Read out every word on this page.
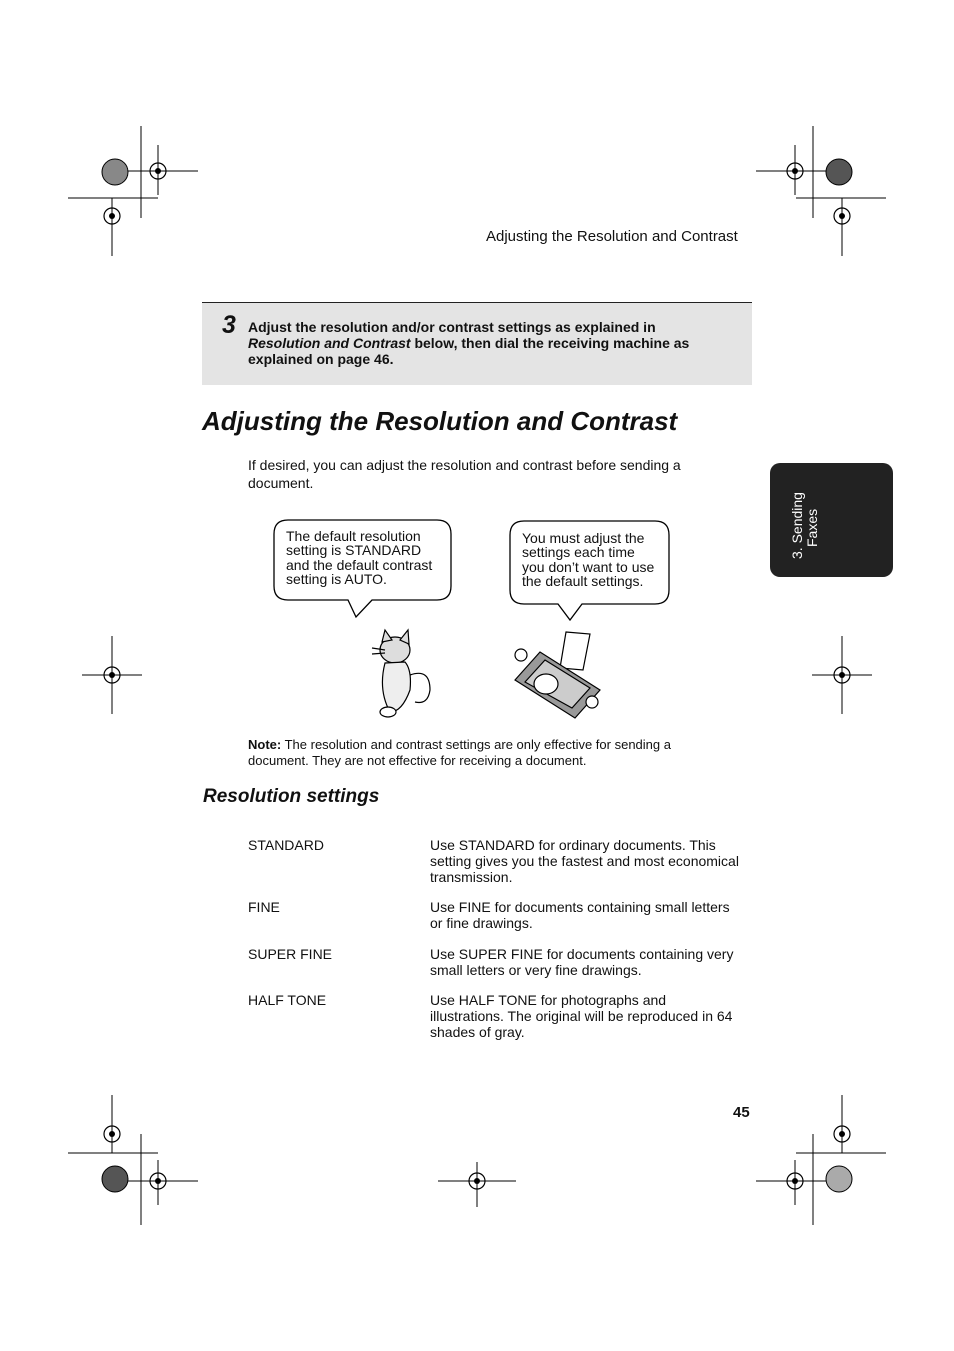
Adjusting the Resolution and Contrast
3 Adjust the resolution and/or contrast settings as explained in
Resolution and Contrast below, then dial the receiving machine as explained on page 46.
Adjusting the Resolution and Contrast
If desired, you can adjust the resolution and contrast before sending a document.
The default resolution setting is STANDARD and the default contrast setting is AUTO. You must adjust the settings each time you don’t want to use the default settings.
Note: The resolution and contrast settings are only effective for sending a document. They are not effective for receiving a document.
Resolution settings
STANDARD	Use STANDARD for ordinary documents. This setting gives you the fastest and most economical transmission.
FINE	Use FINE for documents containing small letters or fine drawings.
SUPER FINE	Use SUPER FINE for documents containing very small letters or very fine drawings.
HALF TONE	Use HALF TONE for photographs and illustrations. The original will be reproduced in 64 shades of gray.
3. Sending Faxes
45
